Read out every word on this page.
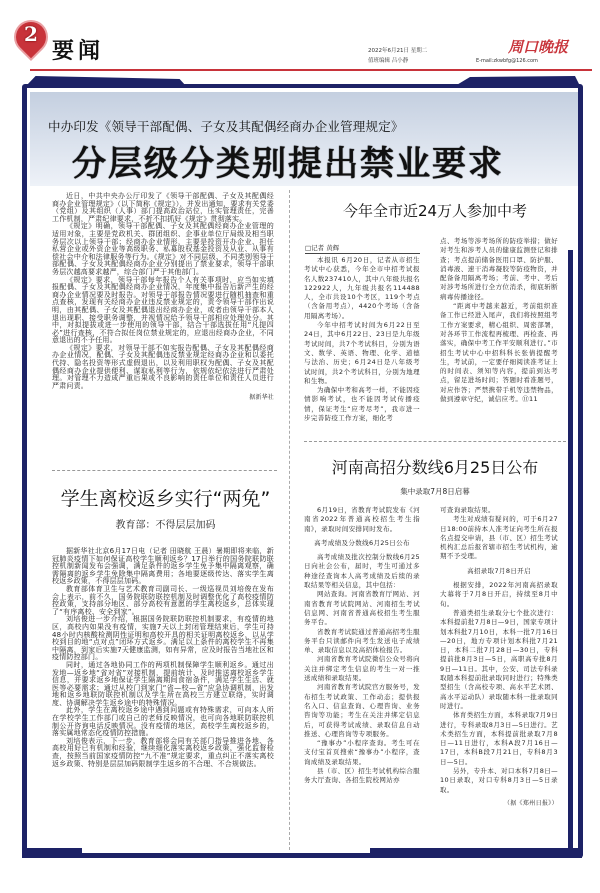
2
要闻	2022年6月21日 星期二
值班编辑 吕小静
周口晚报
E-mail:zkwbfg@126.com
中办印发《领导干部配偶、子女及其配偶经商办企业管理规定》
分层级分类别提出禁业要求

近日，中共中央办公厅印发了《领导干部配偶、子女及其配偶经商办企业管理规定》（以下简称《规定》），并发出通知，要求有关党委（党组）及其组织（人事）部门提高政治站位，压实管理责任，完善工作机制，严肃纪律要求，不折不扣抓好《规定》贯彻落实。

《规定》明确，领导干部配偶、子女及其配偶经商办企业管理的适用对象，主要是党政机关、群团组织、企事业单位厅局级及相当职务层次以上领导干部；经商办企业情形，主要是投资开办企业、担任私营企业或外资企业等高级职务、私募股权基金投资及从业、从事有偿社会中介和法律服务等行为。《规定》对不同层级、不同类别领导干部配偶、子女及其配偶经商办企业分别提出了禁业要求，领导干部职务层次越高要求越严，综合部门严于其他部门。

《规定》要求，领导干部每年报告个人有关事项时，应当如实填报配偶、子女及其配偶经商办企业情况，年度集中报告后新产生的经商办企业情况要及时报告。对领导干部报告情况要进行随机抽查和重点查核，发现有关经商办企业违反禁业规定的，责令领导干部作出说明，由其配偶、子女及其配偶退出经商办企业，或者由领导干部本人退出现职、接受职务调整，并视情况给予领导干部相应处理处分。其中，对拟提拔或进一步使用的领导干部，结合干部选拔任用“凡提四必”进行查核，不符合拟任岗位禁业规定的，应退出经商办企业，不同意退出的不予任用。

《规定》要求，对领导干部不如实报告配偶、子女及其配偶经商办企业情况，配偶、子女及其配偶违反禁业规定经商办企业和以委托代持、隐名投资等形式虚假退出，以及利用职权为配偶、子女及其配偶经商办企业提供便利、谋取私利等行为，依规依纪依法进行严肃处理。对管理不力造成严重后果或不良影响的责任单位和责任人员进行严肃问责。

据新华社
学生离校返乡实行“两免”
教育部：不得层层加码

据新华社北京6月17日电（记者 田晓航 王晨）暑期即将来临，新冠肺炎疫情下如何保证高校学生顺利返乡？17日举行的国务院联防联控机制新闻发布会强调，满足条件的返乡学生免予集中隔离观察，确需隔离的返乡学生免除集中隔离费用；各地要逐级传达、落实学生离校返乡政策，不得层层加码。

教育部体育卫生与艺术教育司副司长、一级巡视员刘培俊在发布会上表示，前不久，国务院联防联控机制及时调整优化了高校疫情防控政策，支持部分地区、部分高校有意愿的学生离校返乡，总体实现了“有序离校、安全到家”。

刘培俊进一步介绍，根据国务院联防联控机制要求，有疫情的地区，高校内如果没有疫情，实施7天以上封闭管理结束后，学生可持48小时内核酸检测阴性证明和高校开具的相关证明离校返乡，以从学校到目的地“点对点”闭环方式返乡。满足以上条件的离校学生不再集中隔离，到家后实施7天健康监测，如有异常，应及时报告当地社区和疫情防控部门。

同时，通过各地协同工作的两项机制保障学生顺利返乡。通过出发地—返乡地“省对省”对接机制，提前统计、及时推送离校返乡学生信息，并要求返乡地保证学生隔离期间食宿条件，满足学生生活、就医等必要需求；通过从校门到家门“省—校—省”应急协调机制，出发地和返乡地联防联控机制以及学生所在高校三方建立联络，实时调度、协调解决学生返乡途中的特殊情况。

此外，学生在离校返乡途中遇到问题或有特殊需求，可向本人所在学校学生工作部门或自己的老师反映情况，也可向各地联防联控机制公开咨询电话反映情况。没有疫情的地区，高校学生离校返乡的，落实属地常态化疫情防控措施。

刘培俊表示，下一步，教育部将会同有关部门指导推进各地、各高校用好已有机制和经验，继续细化落实离校返乡政策，强化监督检查，按照当前国家疫情防控“九不准”规定要求，重点纠正不落实离校返乡政策、特别是层层加码限制学生返乡的不合理、不合规做法。

今年全市近24万人参加中考
□记者 黄辉

本报讯 6月20日，记者从市招生考试中心获悉，今年全市中招考试报名人数237410人，其中八年级共报名122922人，九年级共报名114488人，全市共设10个考区，119个考点（含备用考点），4420个考场（含备用隔离考场）。

今年中招考试时间为6月22日至24日，其中6月22日、23日是九年级考试时间，共7个考试科目，分别为语文、数学、英语、物理、化学、道德与法治、历史；6月24日是八年级考试时间，共2个考试科目，分别为地理和生物。

为确保中考和高考一样，不能因疫情影响考试，也不能因考试传播疫情，保证考生“应考尽考”，我市进一步完善防疫工作方案，细化考

点、考场等涉考场所的防疫举措；做好对考生和涉考人员的健康监测登记和排查；考点提前储备医用口罩、防护服、消毒液、速干消毒凝胶等防疫物资，并配备备用隔离考场；考前、考中、考后对涉考场所进行全方位消杀，彻底斩断病毒传播途径。

“距离中考越来越近，考前组织准备工作已经进入尾声，我们将按照组考工作方案要求，精心组织、周密部署，对各环节工作流程再梳理、再检查、再落实，确保中考工作平安顺利进行。”市招生考试中心中招科科长张倩提醒考生，考试前，一定要仔细阅读准考证上的时间表、须知等内容，提前到达考点，留足进场时间；答题时看准题号，对应作答；严禁携带手机等违禁物品，做到遵章守纪，诚信应考。⑪11

河南高招分数线6月25日公布
集中录取7月8日启幕

6月19日，省教育考试院发布《河南省2022年普通高校招生考生指南》，录取时间安排同时发布。

高考成绩及分数线6月25日公布

高考成绩及批次控制分数线6月25日向社会公布，届时，考生可通过多种途径查询本人高考成绩及后续的录取结果等相关信息，其中包括：

网站查询。河南省教育厅网站、河南省教育考试院网站、河南招生考试信息网、河南省普通高校招生考生服务平台。

省教育考试院通过普通高招考生服务平台只读邮件向考生发送电子成绩单、录取信息以及高招体检报告。

河南省教育考试院微信公众号将向关注并绑定考生信息的考生一对一推送成绩和录取结果。

河南省教育考试院官方服务号，发布招生考试政策、工作动态；提供报名入口、信息查询、心理咨询、业务咨询等功能；考生在关注并绑定信息后，可获得考试成绩、录取信息自动推送、心理咨询等专项服务。

“豫事办”小程序查询。考生可在支付宝首页搜索“豫事办”小程序，查询成绩及录取结果。

县（市、区）招生考试机构综合服务大厅查询、各招生院校网站亦

可查询录取结果。

考生对成绩有疑问的，可于6月27日18:00前持本人准考证向考生所在报名点提交申请，县（市、区）招生考试机构汇总后报省辖市招生考试机构，逾期不予受理。

高招录取7月8日开启

根据安排，2022年河南高招录取大幕将于7月8日开启，持续至8月中旬。

普通类招生录取分七个批次进行：本科提前批7月8日—9日，国家专项计划本科批7月10日，本科一批7月16日—20日，地方专项计划本科批7月21日，本科二批7月28日—30日，专科提前批8月3日—5日，高职高专批8月9日—11日。其中，公安、司法专科录取随本科提前批录取同时进行；特殊类型招生（含高校专项、高水平艺术团、高水平运动队）录取随本科一批录取同时进行。

体育类招生方面，本科录取7月9日进行，专科录取8月3日—5日进行。艺术类招生方面，本科提前批录取7月8日—11日进行，本科A段7月16日—17日，本科B段7月21日，专科8月3日—5日。

另外，专升本、对口本科7月8日—10日录取，对口专科8月3日—5日录取。

（据《郑州日报》）
